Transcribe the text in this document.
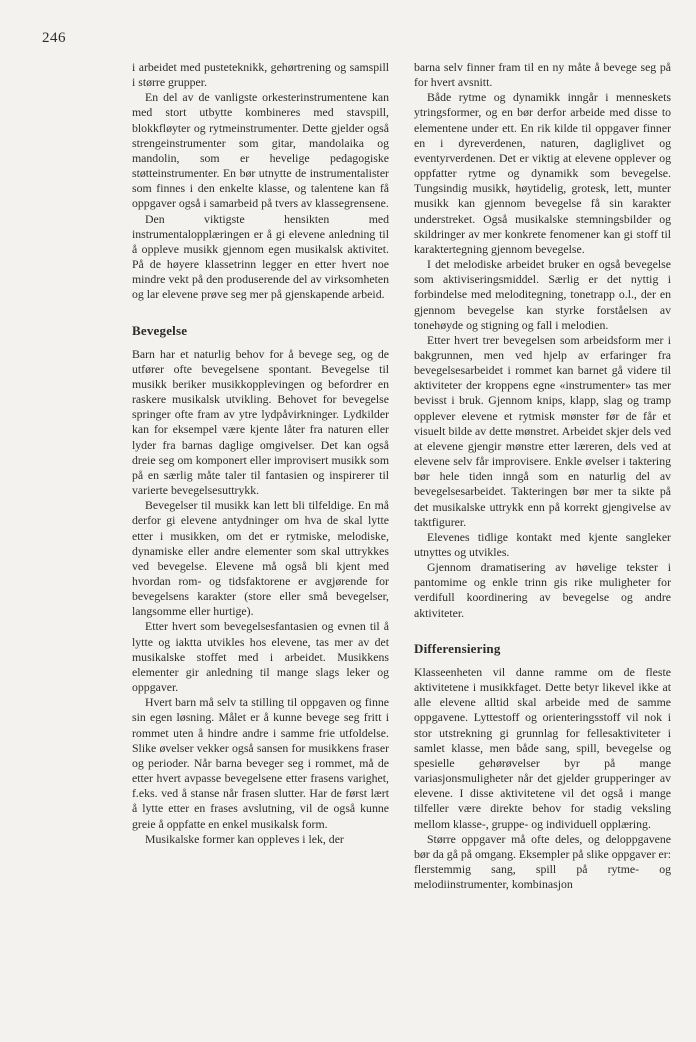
246

i arbeidet med pusteteknikk, gehørtrening og samspill i større grupper.

En del av de vanligste orkesterinstrumentene kan med stort utbytte kombineres med stavspill, blokkfløyter og rytmeinstrumenter. Dette gjelder også strengeinstrumenter som gitar, mandolaika og mandolin, som er hevelige pedagogiske støtteinstrumenter. En bør utnytte de instrumentalister som finnes i den enkelte klasse, og talentene kan få oppgaver også i samarbeid på tvers av klassegrensene.

Den viktigste hensikten med instrumentalopplæringen er å gi elevene anledning til å oppleve musikk gjennom egen musikalsk aktivitet. På de høyere klassetrinn legger en etter hvert noe mindre vekt på den produserende del av virksomheten og lar elevene prøve seg mer på gjenskapende arbeid.

Bevegelse

Barn har et naturlig behov for å bevege seg, og de utfører ofte bevegelsene spontant. Bevegelse til musikk beriker musikkopplevingen og befordrer en raskere musikalsk utvikling. Behovet for bevegelse springer ofte fram av ytre lydpåvirkninger. Lydkilder kan for eksempel være kjente låter fra naturen eller lyder fra barnas daglige omgivelser. Det kan også dreie seg om komponert eller improvisert musikk som på en særlig måte taler til fantasien og inspirerer til varierte bevegelsesuttrykk.

Bevegelser til musikk kan lett bli tilfeldige. En må derfor gi elevene antydninger om hva de skal lytte etter i musikken, om det er rytmiske, melodiske, dynamiske eller andre elementer som skal uttrykkes ved bevegelse. Elevene må også bli kjent med hvordan rom- og tidsfaktorene er avgjørende for bevegelsens karakter (store eller små bevegelser, langsomme eller hurtige).

Etter hvert som bevegelsesfantasien og evnen til å lytte og iaktta utvikles hos elevene, tas mer av det musikalske stoffet med i arbeidet. Musikkens elementer gir anledning til mange slags leker og oppgaver.

Hvert barn må selv ta stilling til oppgaven og finne sin egen løsning. Målet er å kunne bevege seg fritt i rommet uten å hindre andre i samme frie utfoldelse. Slike øvelser vekker også sansen for musikkens fraser og perioder. Når barna beveger seg i rommet, må de etter hvert avpasse bevegelsene etter frasens varighet, f.eks. ved å stanse når frasen slutter. Har de først lært å lytte etter en frases avslutning, vil de også kunne greie å oppfatte en enkel musikalsk form.

Musikalske former kan oppleves i lek, der

barna selv finner fram til en ny måte å bevege seg på for hvert avsnitt.

Både rytme og dynamikk inngår i menneskets ytringsformer, og en bør derfor arbeide med disse to elementene under ett. En rik kilde til oppgaver finner en i dyreverdenen, naturen, dagliglivet og eventyrverdenen. Det er viktig at elevene opplever og oppfatter rytme og dynamikk som bevegelse. Tungsindig musikk, høytidelig, grotesk, lett, munter musikk kan gjennom bevegelse få sin karakter understreket. Også musikalske stemningsbilder og skildringer av mer konkrete fenomener kan gi stoff til karaktertegning gjennom bevegelse.

I det melodiske arbeidet bruker en også bevegelse som aktiviseringsmiddel. Særlig er det nyttig i forbindelse med meloditegning, tonetrapp o.l., der en gjennom bevegelse kan styrke forståelsen av tonehøyde og stigning og fall i melodien.

Etter hvert trer bevegelsen som arbeidsform mer i bakgrunnen, men ved hjelp av erfaringer fra bevegelsesarbeidet i rommet kan barnet gå videre til aktiviteter der kroppens egne «instrumenter» tas mer bevisst i bruk. Gjennom knips, klapp, slag og tramp opplever elevene et rytmisk mønster før de får et visuelt bilde av dette mønstret. Arbeidet skjer dels ved at elevene gjengir mønstre etter læreren, dels ved at elevene selv får improvisere. Enkle øvelser i taktering bør hele tiden inngå som en naturlig del av bevegelsesarbeidet. Takteringen bør mer ta sikte på det musikalske uttrykk enn på korrekt gjengivelse av taktfigurer.

Elevenes tidlige kontakt med kjente sangleker utnyttes og utvikles.

Gjennom dramatisering av høvelige tekster i pantomime og enkle trinn gis rike muligheter for verdifull koordinering av bevegelse og andre aktiviteter.

Differensiering

Klasseenheten vil danne ramme om de fleste aktivitetene i musikkfaget. Dette betyr likevel ikke at alle elevene alltid skal arbeide med de samme oppgavene. Lyttestoff og orienteringsstoff vil nok i stor utstrekning gi grunnlag for fellesaktiviteter i samlet klasse, men både sang, spill, bevegelse og spesielle gehørøvelser byr på mange variasjonsmuligheter når det gjelder grupperinger av elevene. I disse aktivitetene vil det også i mange tilfeller være direkte behov for stadig veksling mellom klasse-, gruppe- og individuell opplæring.

Større oppgaver må ofte deles, og deloppgavene bør da gå på omgang. Eksempler på slike oppgaver er: flerstemmig sang, spill på rytme- og melodiinstrumenter, kombinasjon
